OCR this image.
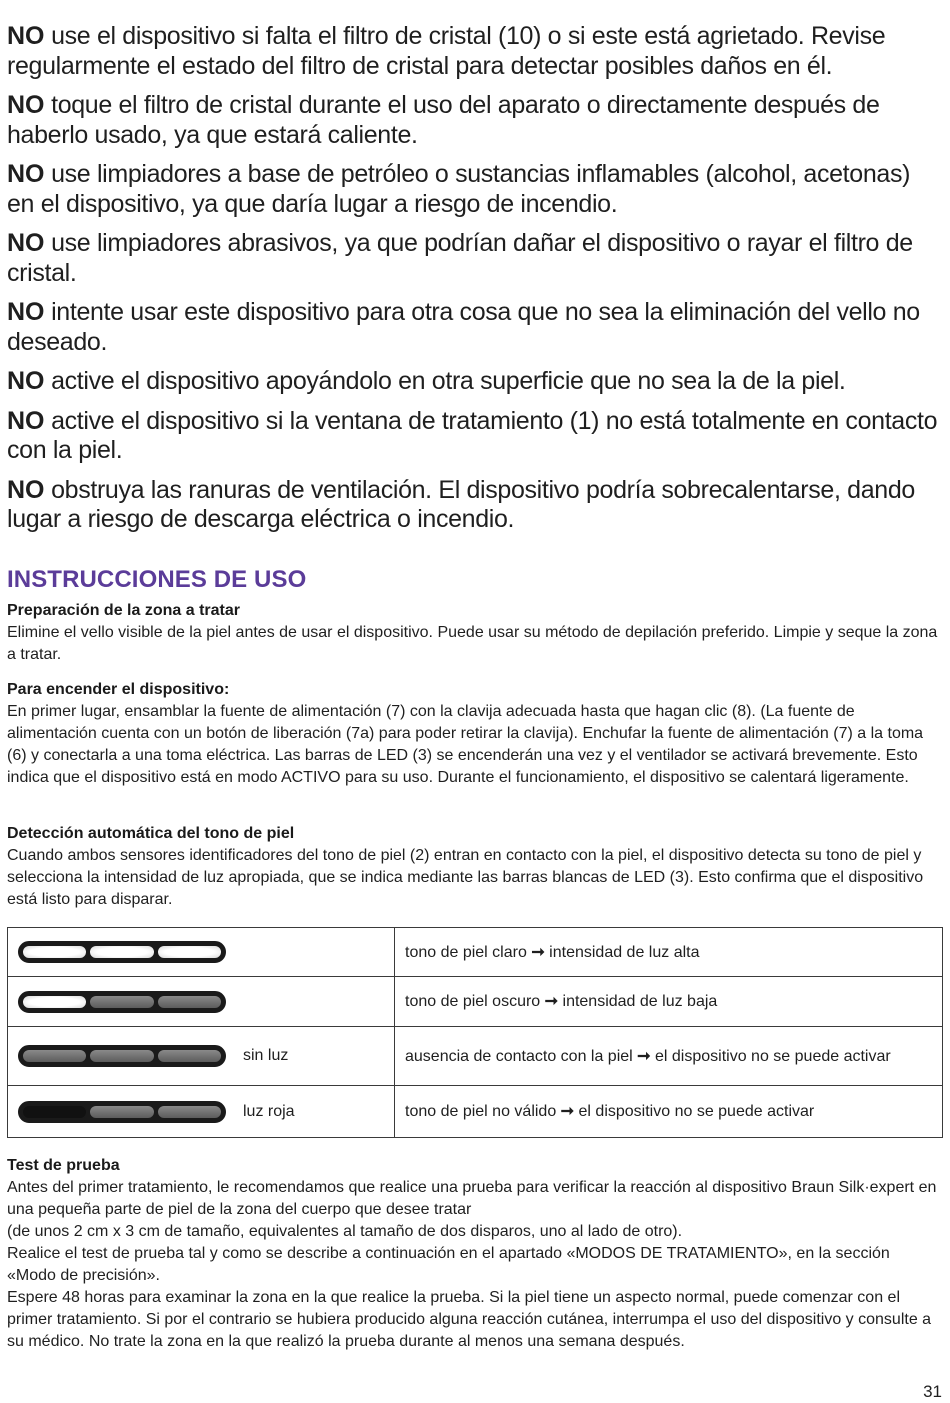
NO use el dispositivo si falta el filtro de cristal (10) o si este está agrietado. Revise regularmente el estado del filtro de cristal para detectar posibles daños en él.

NO toque el filtro de cristal durante el uso del aparato o directamente después de haberlo usado, ya que estará caliente.

NO use limpiadores a base de petróleo o sustancias inflamables (alcohol, acetonas) en el dispositivo, ya que daría lugar a riesgo de incendio.

NO use limpiadores abrasivos, ya que podrían dañar el dispositivo o rayar el filtro de cristal.

NO intente usar este dispositivo para otra cosa que no sea la eliminación del vello no deseado.

NO active el dispositivo apoyándolo en otra superficie que no sea la de la piel.

NO active el dispositivo si la ventana de tratamiento (1) no está totalmente en contacto con la piel.

NO obstruya las ranuras de ventilación. El dispositivo podría sobrecalentarse, dando lugar a riesgo de descarga eléctrica o incendio.

INSTRUCCIONES DE USO

Preparación de la zona a tratar

Elimine el vello visible de la piel antes de usar el dispositivo. Puede usar su método de depilación preferido. Limpie y seque la zona a tratar.

Para encender el dispositivo:

En primer lugar, ensamblar la fuente de alimentación (7) con la clavija adecuada hasta que hagan clic (8). (La fuente de alimentación cuenta con un botón de liberación (7a) para poder retirar la clavija). Enchufar la fuente de alimentación (7) a la toma (6) y conectarla a una toma eléctrica. Las barras de LED (3) se encenderán una vez y el ventilador se activará brevemente. Esto indica que el dispositivo está en modo ACTIVO para su uso. Durante el funcionamiento, el dispositivo se calentará ligeramente.

Detección automática del tono de piel

Cuando ambos sensores identificadores del tono de piel (2) entran en contacto con la piel, el dispositivo detecta su tono de piel y selecciona la intensidad de luz apropiada, que se indica mediante las barras blancas de LED (3). Esto confirma que el dispositivo está listo para disparar.

	tono de piel claro ➞ intensidad de luz alta

	tono de piel oscuro ➞ intensidad de luz baja

sin luz	ausencia de contacto con la piel ➞ el dispositivo no se puede activar

luz roja	tono de piel no válido ➞ el dispositivo no se puede activar

Test de prueba

Antes del primer tratamiento, le recomendamos que realice una prueba para verificar la reacción al dispositivo Braun Silk·expert en una pequeña parte de piel de la zona del cuerpo que desee tratar

(de unos 2 cm x 3 cm de tamaño, equivalentes al tamaño de dos disparos, uno al lado de otro).

Realice el test de prueba tal y como se describe a continuación en el apartado «MODOS DE TRATAMIENTO», en la sección «Modo de precisión».

Espere 48 horas para examinar la zona en la que realice la prueba. Si la piel tiene un aspecto normal, puede comenzar con el primer tratamiento. Si por el contrario se hubiera producido alguna reacción cutánea, interrumpa el uso del dispositivo y consulte a su médico. No trate la zona en la que realizó la prueba durante al menos una semana después.

31
